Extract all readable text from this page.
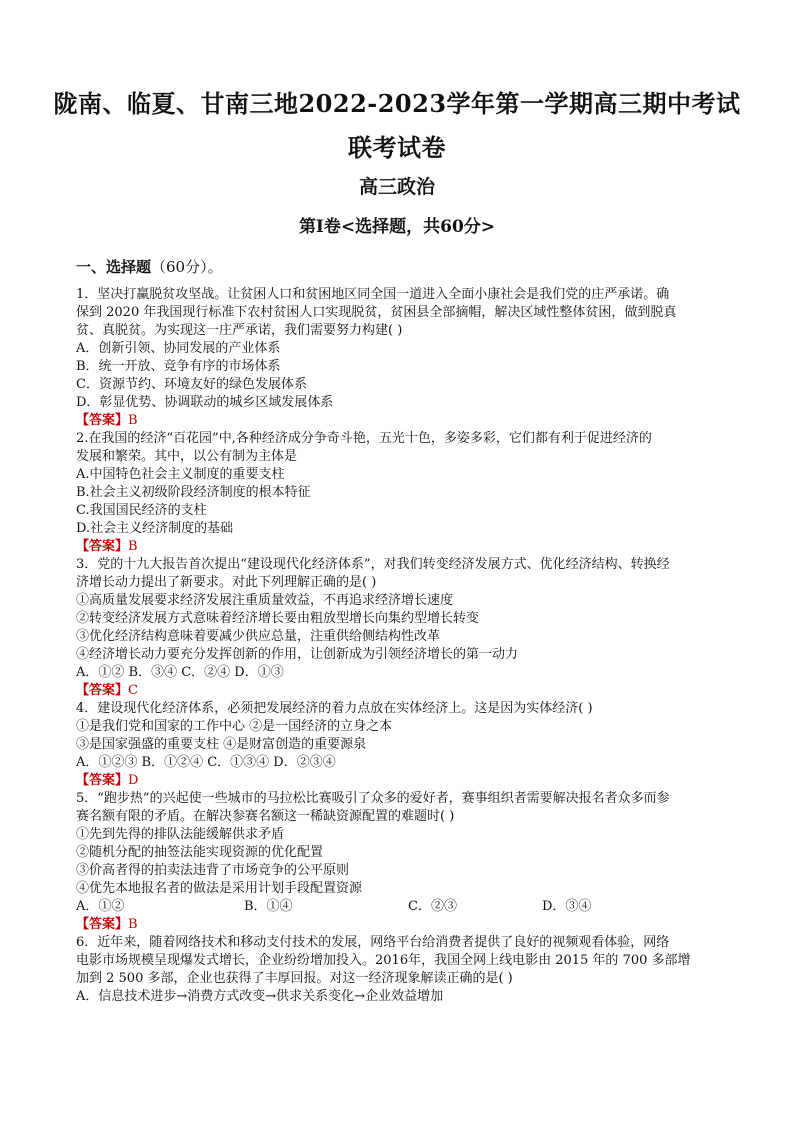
陇南、临夏、甘南三地2022-2023学年第一学期高三期中考试
联考试卷
高三政治
第Ⅰ卷<选择题，共60分>
一、选择题（60分）。
1．坚决打赢脱贫攻坚战。让贫困人口和贫困地区同全国一道进入全面小康社会是我们党的庄严承诺。确
保到 2020 年我国现行标准下农村贫困人口实现脱贫，贫困县全部摘帽，解决区域性整体贫困，做到脱真
贫、真脱贫。为实现这一庄严承诺，我们需要努力构建( )
A．创新引领、协同发展的产业体系
B．统一开放、竞争有序的市场体系
C．资源节约、环境友好的绿色发展体系
D．彰显优势、协调联动的城乡区域发展体系
【答案】B
2.在我国的经济“百花园”中,各种经济成分争奇斗艳，五光十色，多姿多彩，它们都有利于促进经济的
发展和繁荣。其中，以公有制为主体是
A.中国特色社会主义制度的重要支柱
B.社会主义初级阶段经济制度的根本特征
C.我国国民经济的支柱
D.社会主义经济制度的基础
【答案】B
3．党的十九大报告首次提出“建设现代化经济体系”，对我们转变经济发展方式、优化经济结构、转换经
济增长动力提出了新要求。对此下列理解正确的是( )
①高质量发展要求经济发展注重质量效益，不再追求经济增长速度
②转变经济发展方式意味着经济增长要由粗放型增长向集约型增长转变
③优化经济结构意味着要减少供应总量，注重供给侧结构性改革
④经济增长动力要充分发挥创新的作用，让创新成为引领经济增长的第一动力
A．①② B．③④ C．②④ D．①③
【答案】C
4．建设现代化经济体系，必须把发展经济的着力点放在实体经济上。这是因为实体经济( )
①是我们党和国家的工作中心 ②是一国经济的立身之本
③是国家强盛的重要支柱 ④是财富创造的重要源泉
A．①②③ B．①②④ C．①③④ D．②③④
【答案】D
5．“跑步热”的兴起使一些城市的马拉松比赛吸引了众多的爱好者，赛事组织者需要解决报名者众多而参
赛名额有限的矛盾。在解决参赛名额这一稀缺资源配置的难题时( )
①先到先得的排队法能缓解供求矛盾
②随机分配的抽签法能实现资源的优化配置
③价高者得的拍卖法违背了市场竞争的公平原则
④优先本地报名者的做法是采用计划手段配置资源
A．①②	B．①④	C．②③	D．③④
【答案】B
6．近年来，随着网络技术和移动支付技术的发展，网络平台给消费者提供了良好的视频观看体验，网络
电影市场规模呈现爆发式增长，企业纷纷增加投入。2016年，我国全网上线电影由 2015 年的 700 多部增
加到 2 500 多部，企业也获得了丰厚回报。对这一经济现象解读正确的是( )
A．信息技术进步→消费方式改变→供求关系变化→企业效益增加
